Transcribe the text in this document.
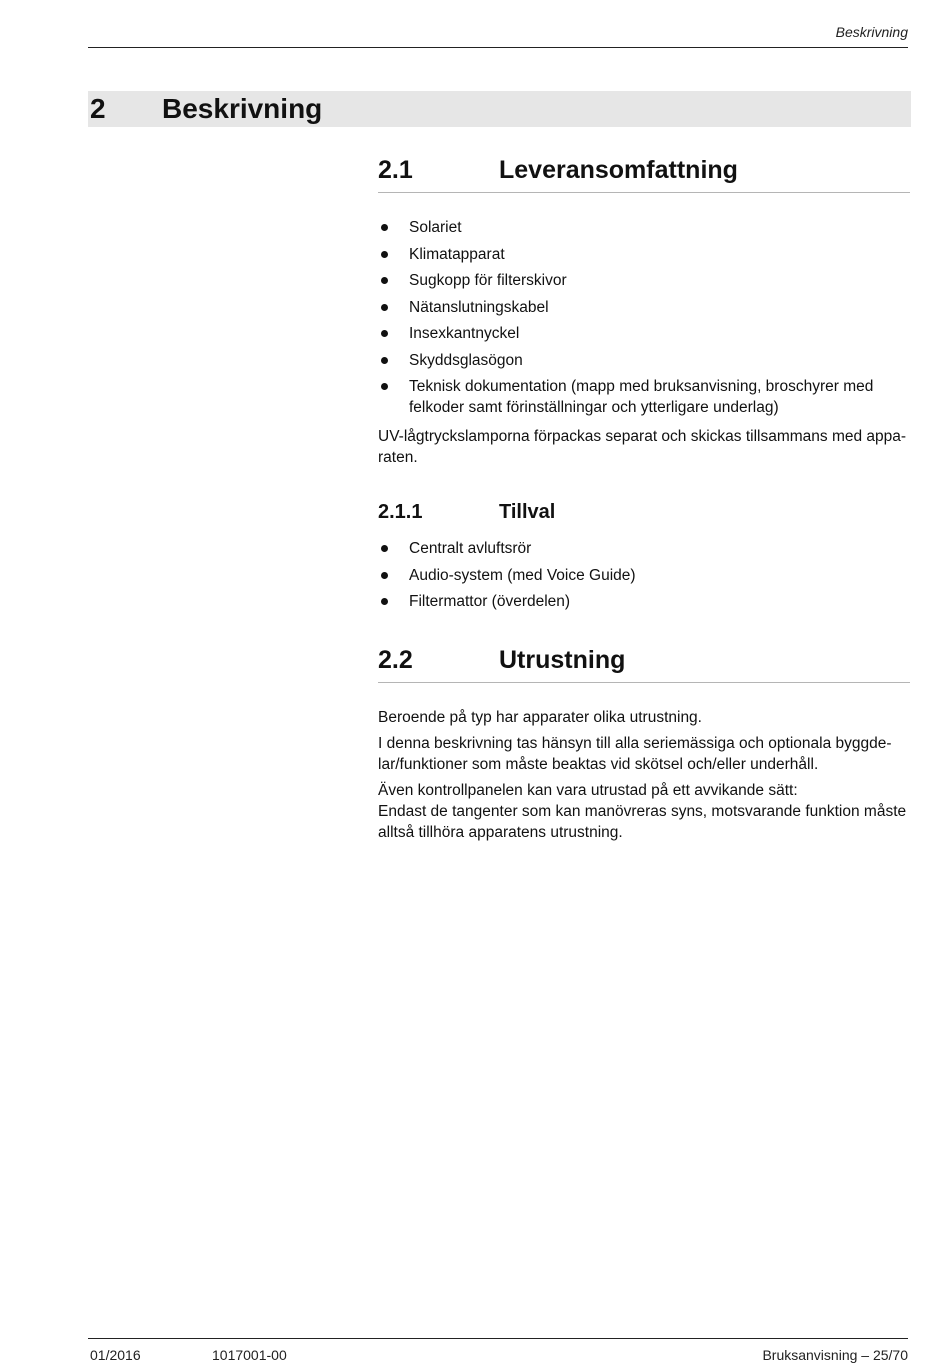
Beskrivning
2 Beskrivning
2.1	Leveransomfattning
Solariet
Klimatapparat
Sugkopp för filterskivor
Nätanslutningskabel
Insexkantnyckel
Skyddsglasögon
Teknisk dokumentation (mapp med bruksanvisning, broschyrer med felkoder samt förinställningar och ytterligare underlag)

UV-lågtryckslamporna förpackas separat och skickas tillsammans med appa-raten.

2.1.1	Tillval
Centralt avluftsrör
Audio-system (med Voice Guide)
Filtermattor (överdelen)
2.2	Utrustning

Beroende på typ har apparater olika utrustning.

I denna beskrivning tas hänsyn till alla seriemässiga och optionala byggde-lar/funktioner som måste beaktas vid skötsel och/eller underhåll.

Även kontrollpanelen kan vara utrustad på ett avvikande sätt:

Endast de tangenter som kan manövreras syns, motsvarande funktion måste alltså tillhöra apparatens utrustning.

01/2016	1017001-00	Bruksanvisning – 25/70
